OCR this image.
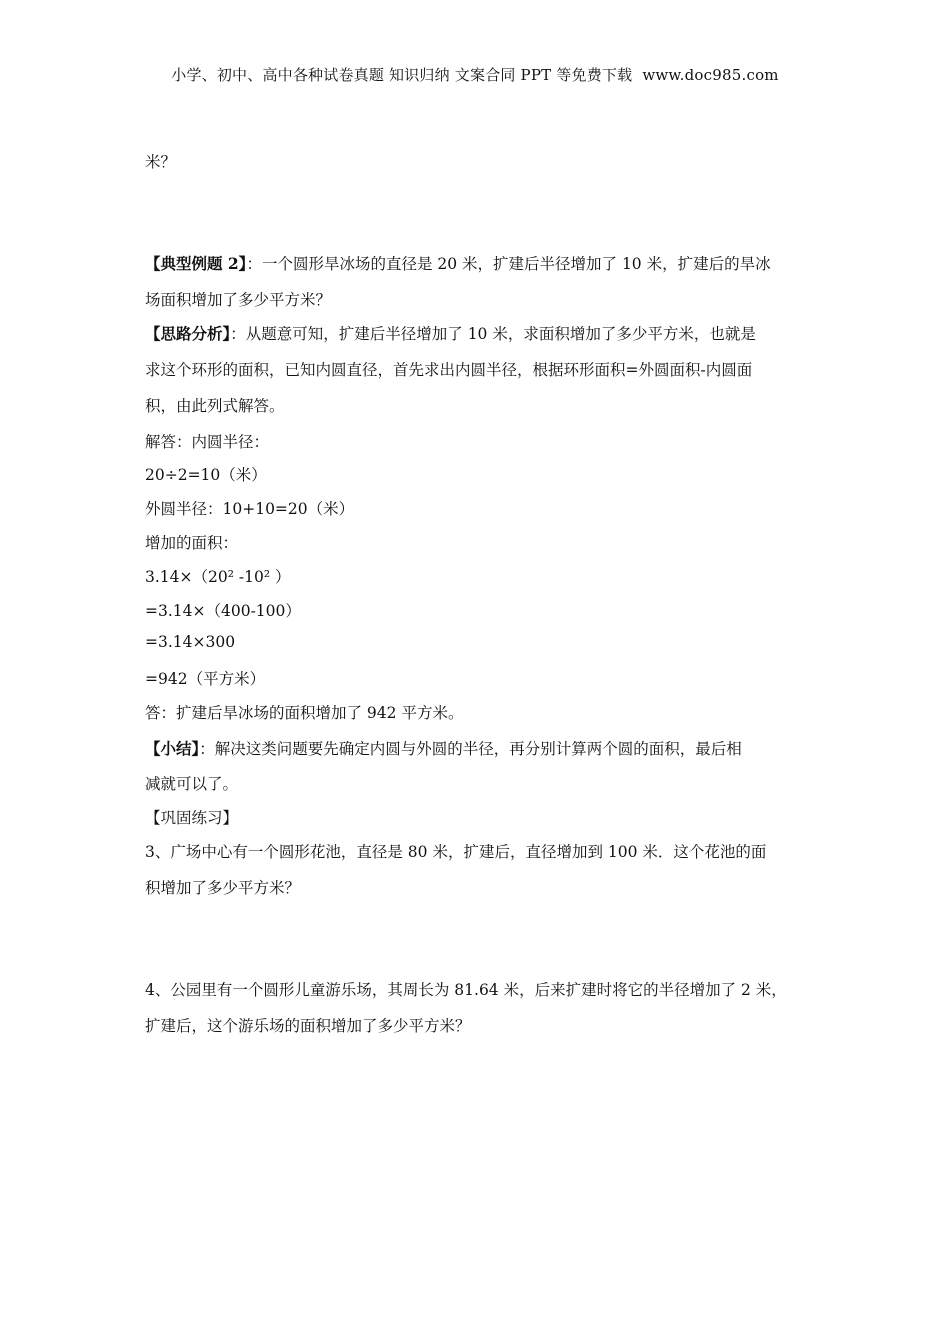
小学、初中、高中各种试卷真题 知识归纳 文案合同 PPT 等免费下载 www.doc985.com
米？
【典型例题 2】：一个圆形旱冰场的直径是 20 米，扩建后半径增加了 10 米，扩建后的旱冰
场面积增加了多少平方米？
【思路分析】：从题意可知，扩建后半径增加了 10 米，求面积增加了多少平方米，也就是
求这个环形的面积，已知内圆直径，首先求出内圆半径，根据环形面积=外圆面积-内圆面
积，由此列式解答。
解答：内圆半径：
20÷2=10（米）
外圆半径：10+10=20（米）
增加的面积：
3.14×（20² -10² ）
=3.14×（400-100）
=3.14×300
=942（平方米）
答：扩建后旱冰场的面积增加了 942 平方米。
【小结】：解决这类问题要先确定内圆与外圆的半径，再分别计算两个圆的面积，最后相
减就可以了。
【巩固练习】
3、广场中心有一个圆形花池，直径是 80 米，扩建后，直径增加到 100 米．这个花池的面
积增加了多少平方米？
4、公园里有一个圆形儿童游乐场，其周长为 81.64 米，后来扩建时将它的半径增加了 2 米，
扩建后，这个游乐场的面积增加了多少平方米？
